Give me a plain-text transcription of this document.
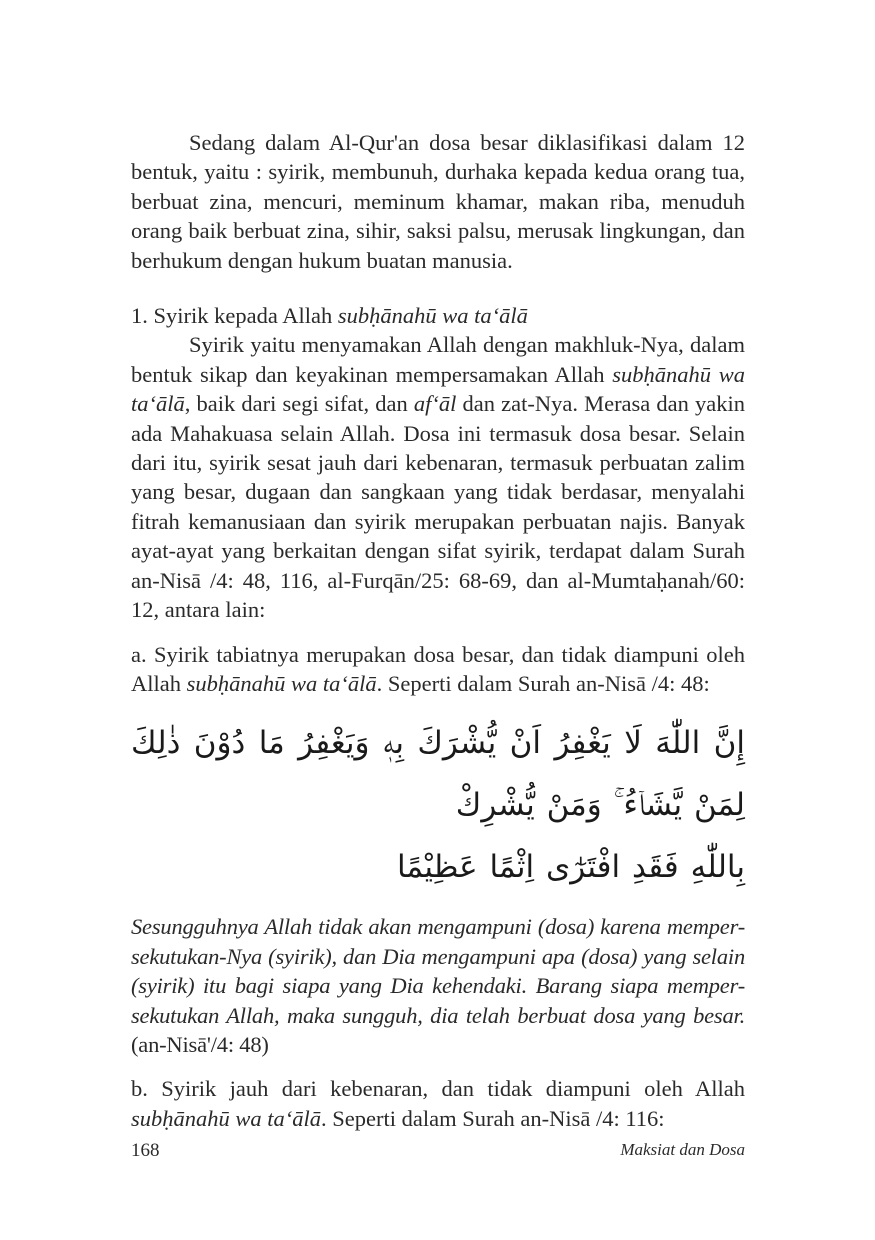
Sedang dalam Al-Qur'an dosa besar diklasifikasi dalam 12 bentuk, yaitu : syirik, membunuh, durhaka kepada kedua orang tua, berbuat zina, mencuri, meminum khamar, makan riba, menuduh orang baik berbuat zina, sihir, saksi palsu, merusak lingkungan, dan berhukum dengan hukum buatan manusia.

1. Syirik kepada Allah subḥānahū wa ta‘ālā

Syirik yaitu menyamakan Allah dengan makhluk-Nya, dalam bentuk sikap dan keyakinan mempersamakan Allah subḥānahū wa ta‘ālā, baik dari segi sifat, dan af‘āl dan zat-Nya. Merasa dan yakin ada Mahakuasa selain Allah. Dosa ini termasuk dosa besar. Selain dari itu, syirik sesat jauh dari kebenaran, termasuk perbuatan zalim yang besar, dugaan dan sangkaan yang tidak berdasar, menyalahi fitrah kemanusiaan dan syirik merupakan perbuatan najis. Banyak ayat-ayat yang berkaitan dengan sifat syirik, terdapat dalam Surah an-Nisā /4: 48, 116, al-Furqān/25: 68-69, dan al-Mumtaḥanah/60: 12, antara lain:

a. Syirik tabiatnya merupakan dosa besar, dan tidak diampuni oleh Allah subḥānahū wa ta‘ālā. Seperti dalam Surah an-Nisā /4: 48:

إِنَّ اللّٰهَ لَا يَغْفِرُ اَنْ يُّشْرَكَ بِهٖ وَيَغْفِرُ مَا دُوْنَ ذٰلِكَ لِمَنْ يَّشَاۤءُ ۚ وَمَنْ يُّشْرِكْ
بِاللّٰهِ فَقَدِ افْتَرٰٓى اِثْمًا عَظِيْمًا

Sesungguhnya Allah tidak akan mengampuni (dosa) karena memper-sekutukan-Nya (syirik), dan Dia mengampuni apa (dosa) yang selain (syirik) itu bagi siapa yang Dia kehendaki. Barang siapa memper-sekutukan Allah, maka sungguh, dia telah berbuat dosa yang besar. (an-Nisā'/4: 48)

b. Syirik jauh dari kebenaran, dan tidak diampuni oleh Allah subḥānahū wa ta‘ālā. Seperti dalam Surah an-Nisā /4: 116:

168	Maksiat dan Dosa
